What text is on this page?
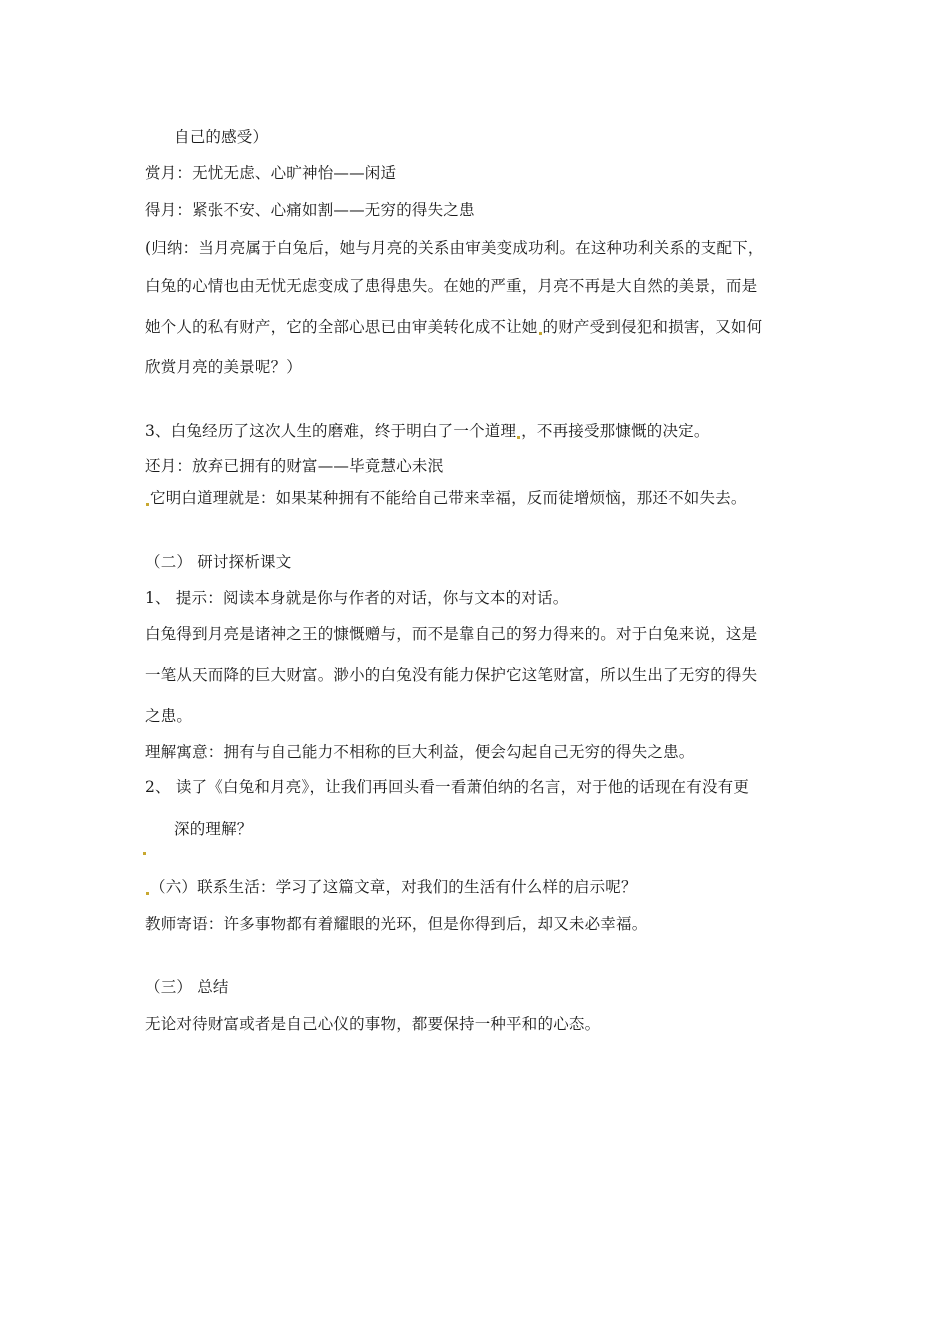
自己的感受）
赏月：无忧无虑、心旷神怡——闲适
得月：紧张不安、心痛如割——无穷的得失之患
(归纳：当月亮属于白兔后，她与月亮的关系由审美变成功利。在这种功利关系的支配下，
白兔的心情也由无忧无虑变成了患得患失。在她的严重，月亮不再是大自然的美景，而是
她个人的私有财产，它的全部心思已由审美转化成不让她 的财产受到侵犯和损害，又如何
欣赏月亮的美景呢？）
3、白兔经历了这次人生的磨难，终于明白了一个道理 ，不再接受那慷慨的决定。
还月：放弃已拥有的财富——毕竟慧心未泯
它明白道理就是：如果某种拥有不能给自己带来幸福，反而徒增烦恼，那还不如失去。
（二） 研讨探析课文
1、 提示：阅读本身就是你与作者的对话，你与文本的对话。
白兔得到月亮是诸神之王的慷慨赠与，而不是靠自己的努力得来的。对于白兔来说，这是
一笔从天而降的巨大财富。渺小的白兔没有能力保护它这笔财富，所以生出了无穷的得失
之患。
理解寓意：拥有与自己能力不相称的巨大利益，便会勾起自己无穷的得失之患。
2、 读了《白兔和月亮》，让我们再回头看一看萧伯纳的名言，对于他的话现在有没有更
深的理解？
（六）联系生活：学习了这篇文章，对我们的生活有什么样的启示呢？
教师寄语：许多事物都有着耀眼的光环，但是你得到后，却又未必幸福。
（三） 总结
无论对待财富或者是自己心仪的事物，都要保持一种平和的心态。
